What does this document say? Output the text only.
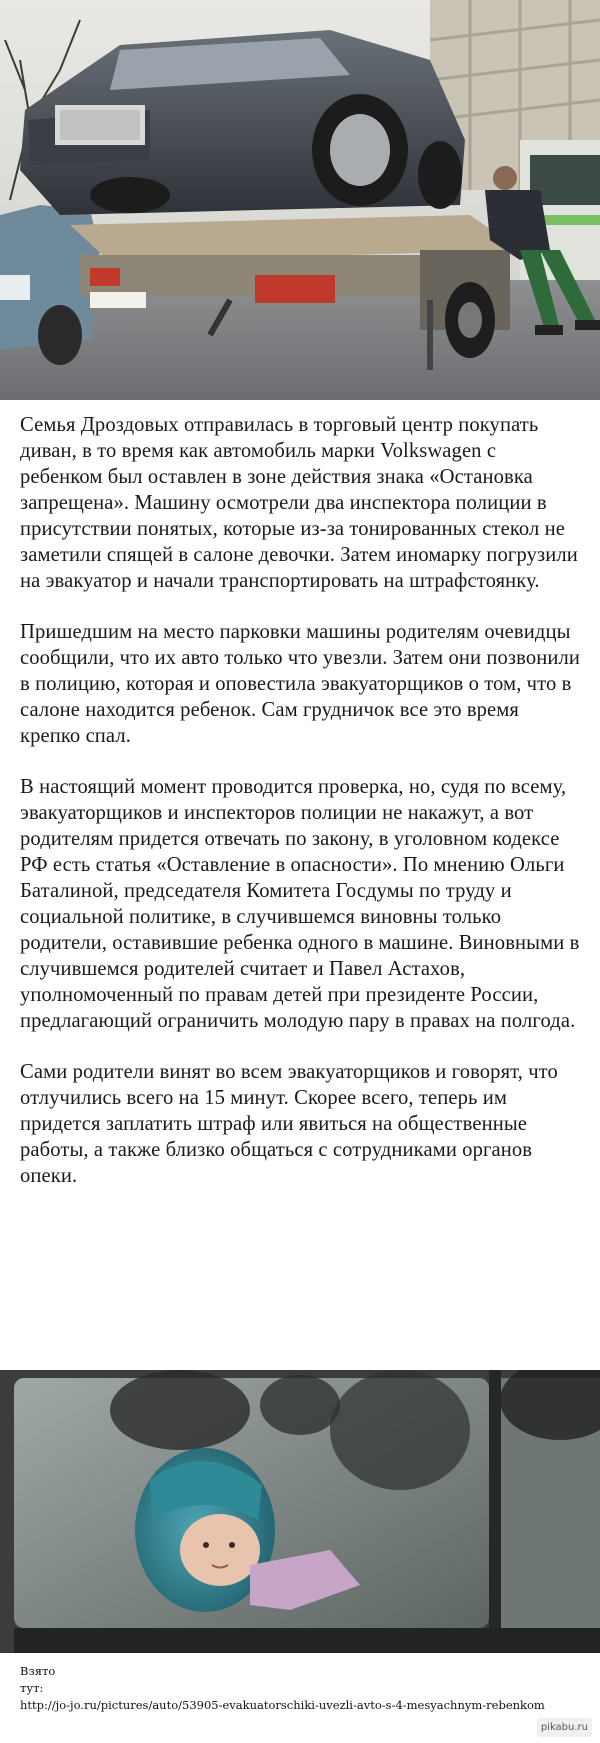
Семья Дроздовых отправилась в торговый центр покупать диван, в то время как автомобиль марки Volkswagen с ребенком был оставлен в зоне действия знака «Остановка запрещена». Машину осмотрели два инспектора полиции в присутствии понятых, которые из-за тонированных стекол не заметили спящей в салоне девочки. Затем иномарку погрузили на эвакуатор и начали транспортировать на штрафстоянку.

Пришедшим на место парковки машины родителям очевидцы сообщили, что их авто только что увезли. Затем они позвонили в полицию, которая и оповестила эвакуаторщиков о том, что в салоне находится ребенок. Сам грудничок все это время крепко спал.

В настоящий момент проводится проверка, но, судя по всему, эвакуаторщиков и инспекторов полиции не накажут, а вот родителям придется отвечать по закону, в уголовном кодексе РФ есть статья «Оставление в опасности». По мнению Ольги Баталиной, председателя Комитета Госдумы по труду и социальной политике, в случившемся виновны только родители, оставившие ребенка одного в машине. Виновными в случившемся родителей считает и Павел Астахов, уполномоченный по правам детей при президенте России, предлагающий ограничить молодую пару в правах на полгода.

Сами родители винят во всем эвакуаторщиков и говорят, что отлучились всего на 15 минут. Скорее всего, теперь им придется заплатить штраф или явиться на общественные работы, а также близко общаться с сотрудниками органов опеки.

Взято
тут:
http://jo-jo.ru/pictures/auto/53905-evakuatorschiki-uvezli-avto-s-4-mesyachnym-rebenkom
pikabu.ru
